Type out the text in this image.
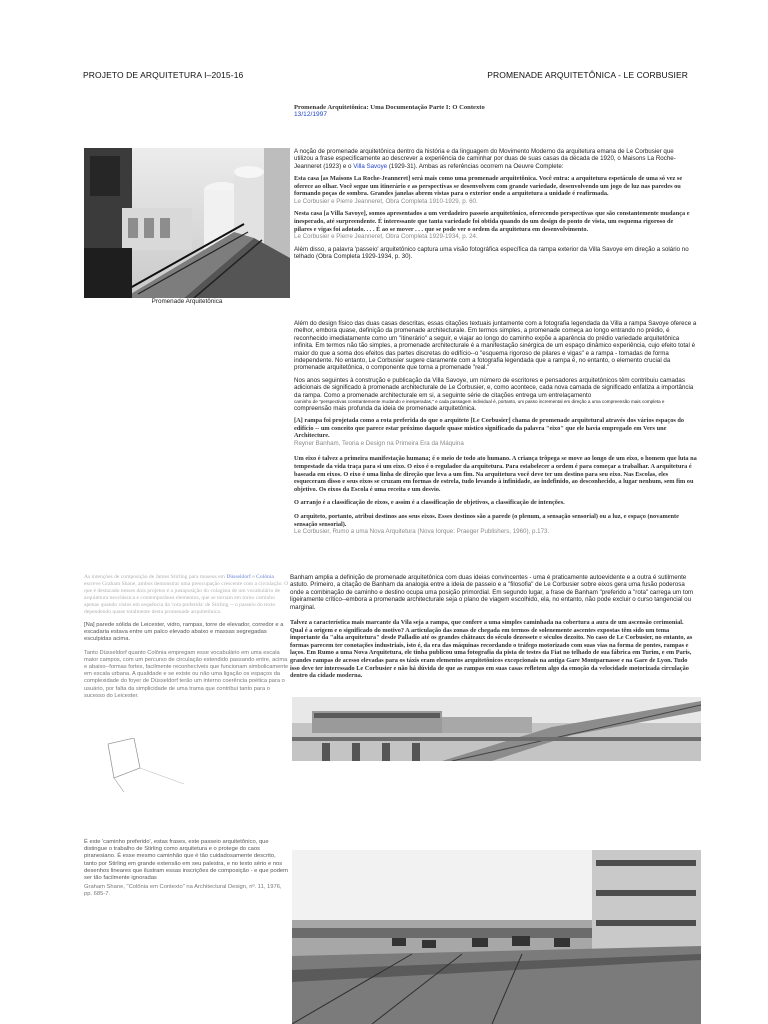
PROJETO DE ARQUITETURA I–2015-16	PROMENADE ARQUITETÔNICA - LE CORBUSIER
Promenade Arquitetônica: Uma Documentação Parte I: O Contexto
13/12/1997
Promenade Arquitetônica

A noção de promenade arquitetônica dentro da história e da linguagem do Movimento Moderno da arquitetura emana de Le Corbusier que utilizou a frase especificamente ao descrever a experiência de caminhar por duas de suas casas da década de 1920, o Maisons La Roche-Jeanneret (1923) e o Villa Savoye (1929-31). Ambas as referências ocorrem na Oeuvre Complete:

Esta casa [as Maisons La Roche-Jeanneret] será mais como uma promenade arquitetônica. Você entra: a arquitetura espetáculo de uma só vez se oferece ao olhar. Você segue um itinerário e as perspectivas se desenvolvem com grande variedade, desenvolvendo um jogo de luz nas paredes ou formando poças de sombra. Grandes janelas abrem vistas para o exterior onde a arquitetura a unidade é reafirmada.

Le Corbusier e Pierre Jeanneret, Obra Completa 1910-1929, p. 60.

Nesta casa [a Villa Savoye], somos apresentados a um verdadeiro passeio arquitetônico, oferecendo perspectivas que são constantemente mudança e inesperado, até surpreendente. É interessante que tanta variedade foi obtida quando do um design do ponto de vista, um esquema rigoroso de pilares e vigas foi adotado. . . . É ao se mover . . . que se pode ver o ordem da arquitetura em desenvolvimento.

Le Corbusier e Pierre Jeanneret, Obra Completa 1929-1934, p. 24.

Além disso, a palavra 'passeio' arquitetônico captura uma visão fotográfica específica da rampa exterior da Villa Savoye em direção a solário no telhado (Obra Completa 1929-1934, p. 30).

Além do design físico das duas casas descritas, essas citações textuais juntamente com a fotografia legendada da Villa a rampa Savoye oferece a melhor, embora quase, definição da promenade architecturale. Em termos simples, a promenade começa ao longo entrando no prédio, é reconhecido imediatamente como um "itinerário" a seguir, e viajar ao longo do caminho expõe a aparência do prédio variedade arquitetônica infinita. Em termos não tão simples, a promenade architecturale é a manifestação sinérgica de um espaço dinâmico experiência, cujo efeito total é maior do que a soma dos efeitos das partes discretas do edifício--o "esquema rigoroso de pilares e vigas" e a rampa - tomadas de forma independente. No entanto, Le Corbusier sugere claramente com a fotografia legendada que a rampa é, no entanto, o elemento crucial da promenade arquitetônica, o componente que torna a promenade "real."

Nos anos seguintes à construção e publicação da Villa Savoye, um número de escritores e pensadores arquitetônicos têm contribuiu camadas adicionais de significado à promenade architecturale de Le Corbusier, e, como acontece, cada nova camada de significado enfatiza a importância da rampa. Como a promenade architecturale em si, a seguinte série de citações entrega um entrelaçamento

caminho de "perspectivas constantemente mudando e inesperadas," e cada passagem individual é, portanto, um passo incremental em direção a uma compreensão mais completa e

compreensão mais profunda da ideia de promenade arquitetônica.

[A] rampa foi projetada como a rota preferida do que o arquiteto [Le Corbusier] chama de promenade arquitetural através dos vários espaços do edifício -- um conceito que parece estar próximo daquele quase místico significado da palavra "eixo" que ele havia empregado em Vers une Architecture.

Reyner Banham, Teoria e Design na Primeira Era da Máquina

Um eixo é talvez a primeira manifestação humana; é o meio de todo ato humano. A criança trôpega se move ao longo de um eixo, o homem que luta na tempestade da vida traça para si um eixo. O eixo é o regulador da arquitetura. Para estabelecer a ordem é para começar a trabalhar. A arquitetura é baseada em eixos. O eixo é uma linha de direção que leva a um fim. Na arquitetura você deve ter um destino para seu eixo. Nas Escolas, eles esqueceram disso e seus eixos se cruzam em formas de estrela, tudo levando à infinidade, ao indefinido, ao desconhecido, a lugar nenhum, sem fim ou objetivo. Os eixos da Escola é uma receita e um desvio.

O arranjo é a classificação de eixos, e assim é a classificação de objetivos, a classificação de intenções.

O arquiteto, portanto, atribui destinos aos seus eixos. Esses destinos são a parede (o plenum, a sensação sensorial) ou a luz, e espaço (novamente sensação sensorial).

Le Corbusier, Rumo a uma Nova Arquitetura (Nova Iorque: Praeger Publishers, 1960), p.173.

As intenções de composição de James Stirling para museus em Düsseldorf e Colônia escreve Graham Shane, ambos demonstrar uma preocupação crescente com a circulação. O que é destacado nesses dois projetos é a justaposição do colagista de um vocabulário de arquitetura neoclássica e contemporânea elementos, que se tornam em torno caminho apenas quando vistos em sequência da 'rota preferida' de Stirling -- o passeio do texto dependendo quase totalmente desta promenade arquitetônica.

[Na] parede sólida de Leicester, vidro, rampas, torre de elevador, corredor e a escadaria estava entre um palco elevado abaixo e massas segregadas esculpidas acima.

Tanto Düsseldorf quanto Colônia empregam esse vocabulário em uma escala maior campos, com um percurso de circulação estendido passando entre, acima e abaixo--formas fortes, facilmente reconhecíveis que funcionam simbolicamente em escala urbana. A qualidade e se existe ou não uma ligação os espaços da complexidade do foyer de Düsseldorf terão um interno coerência poética para o usuário, por falta da simplicidade de uma trama que contribui tanto para o sucesso do Leicester.

Banham amplia a definição de promenade arquitetônica com duas ideias convincentes - uma é praticamente autoevidente e a outra é sutilmente astuto. Primeiro, a citação de Banham da analogia entre a ideia de passeio e a "filosofia" de Le Corbusier sobre eixos gera uma fusão poderosa onde a combinação de caminho e destino ocupa uma posição primordial. Em segundo lugar, a frase de Banham "preferido a "rota" carrega um tom ligeiramente crítico--embora a promenade architecturale seja o plano de viagem escolhido, ela, no entanto, não pode excluir o curso tangencial ou marginal.

Talvez a característica mais marcante da Vila seja a rampa, que confere a uma simples caminhada na cobertura a aura de um ascensão cerimonial. Qual é a origem e o significado do motivo? A articulação das zonas de chegada em termos de solenemente ascentes expostas têm sido um tema importante da "alta arquitetura" desde Palladio até os grandes châteaux do século dezessete e séculos dezoito. No caso de Le Corbusier, no entanto, as formas parecem ter conotações industriais, isto é, da era das máquinas recordando o tráfego motorizado com suas vias na forma de pontes, rampas e laços. Em Rumo a uma Nova Arquitetura, ele tinha publicou uma fotografia da pista de testes da Fiat no telhado de sua fábrica em Turim, e em Paris, grandes rampas de acesso elevadas para os táxis eram elementos arquitetônicos excepcionais na antiga Gare Montparnasse e na Gare de Lyon. Tudo isso deve ter interessado Le Corbusier e não há dúvida de que as rampas em suas casas refletem algo da emoção da velocidade motorizada circulação dentro da cidade moderna.

É este 'caminho preferido', estas frases, este passeio arquitetônico, que distingue o trabalho de Stirling como arquitetura e o protege do caos piranesiano. É esse mesmo caminhão que é tão cuidadosamente descrito, tanto por Stirling em grande extensão em seu palestra, e no texto sério e nos desenhos lineares que ilustram essas inscrições de composição - e que podem ser tão facilmente ignoradas

Graham Shane, "Colônia em Contexto" na Architectural Design, nº. 11, 1976, pp. 685-7.
